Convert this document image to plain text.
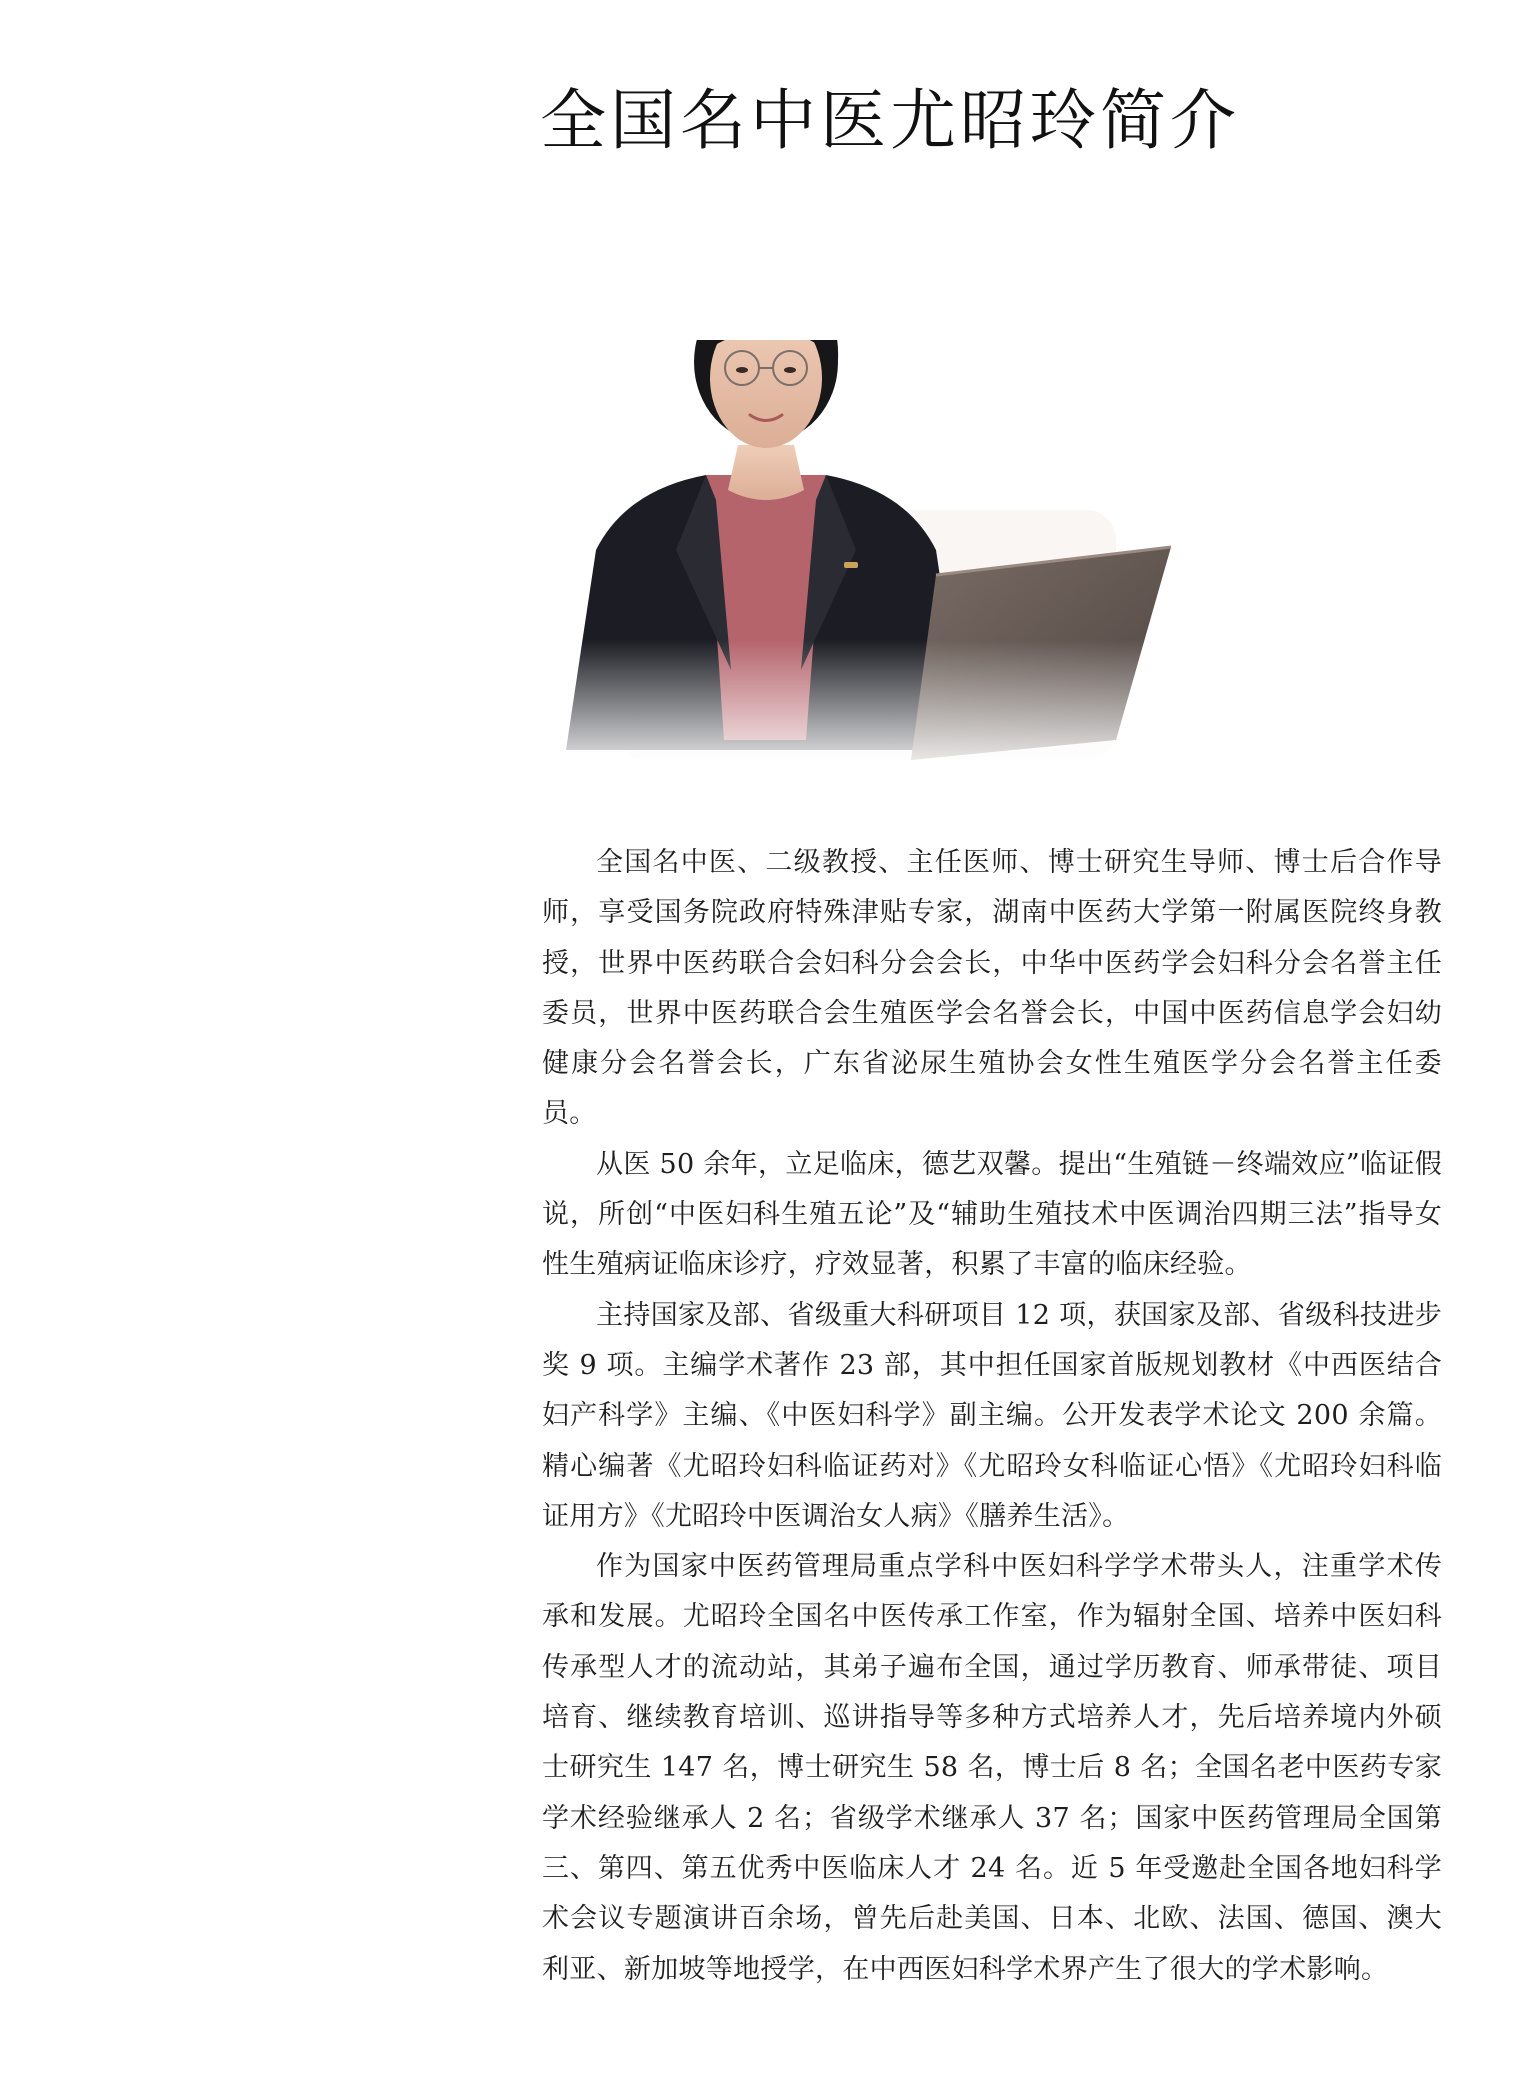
全国名中医尤昭玲简介

全国名中医、二级教授、主任医师、博士研究生导师、博士后合作导师，享受国务院政府特殊津贴专家，湖南中医药大学第一附属医院终身教授，世界中医药联合会妇科分会会长，中华中医药学会妇科分会名誉主任委员，世界中医药联合会生殖医学会名誉会长，中国中医药信息学会妇幼健康分会名誉会长，广东省泌尿生殖协会女性生殖医学分会名誉主任委员。

从医 50 余年，立足临床，德艺双馨。提出“生殖链－终端效应”临证假说，所创“中医妇科生殖五论”及“辅助生殖技术中医调治四期三法”指导女性生殖病证临床诊疗，疗效显著，积累了丰富的临床经验。

主持国家及部、省级重大科研项目 12 项，获国家及部、省级科技进步奖 9 项。主编学术著作 23 部，其中担任国家首版规划教材《中西医结合妇产科学》主编、《中医妇科学》副主编。公开发表学术论文 200 余篇。精心编著《尤昭玲妇科临证药对》《尤昭玲女科临证心悟》《尤昭玲妇科临证用方》《尤昭玲中医调治女人病》《膳养生活》。

作为国家中医药管理局重点学科中医妇科学学术带头人，注重学术传承和发展。尤昭玲全国名中医传承工作室，作为辐射全国、培养中医妇科传承型人才的流动站，其弟子遍布全国，通过学历教育、师承带徒、项目培育、继续教育培训、巡讲指导等多种方式培养人才，先后培养境内外硕士研究生 147 名，博士研究生 58 名，博士后 8 名；全国名老中医药专家学术经验继承人 2 名；省级学术继承人 37 名；国家中医药管理局全国第三、第四、第五优秀中医临床人才 24 名。近 5 年受邀赴全国各地妇科学术会议专题演讲百余场，曾先后赴美国、日本、北欧、法国、德国、澳大利亚、新加坡等地授学，在中西医妇科学术界产生了很大的学术影响。
